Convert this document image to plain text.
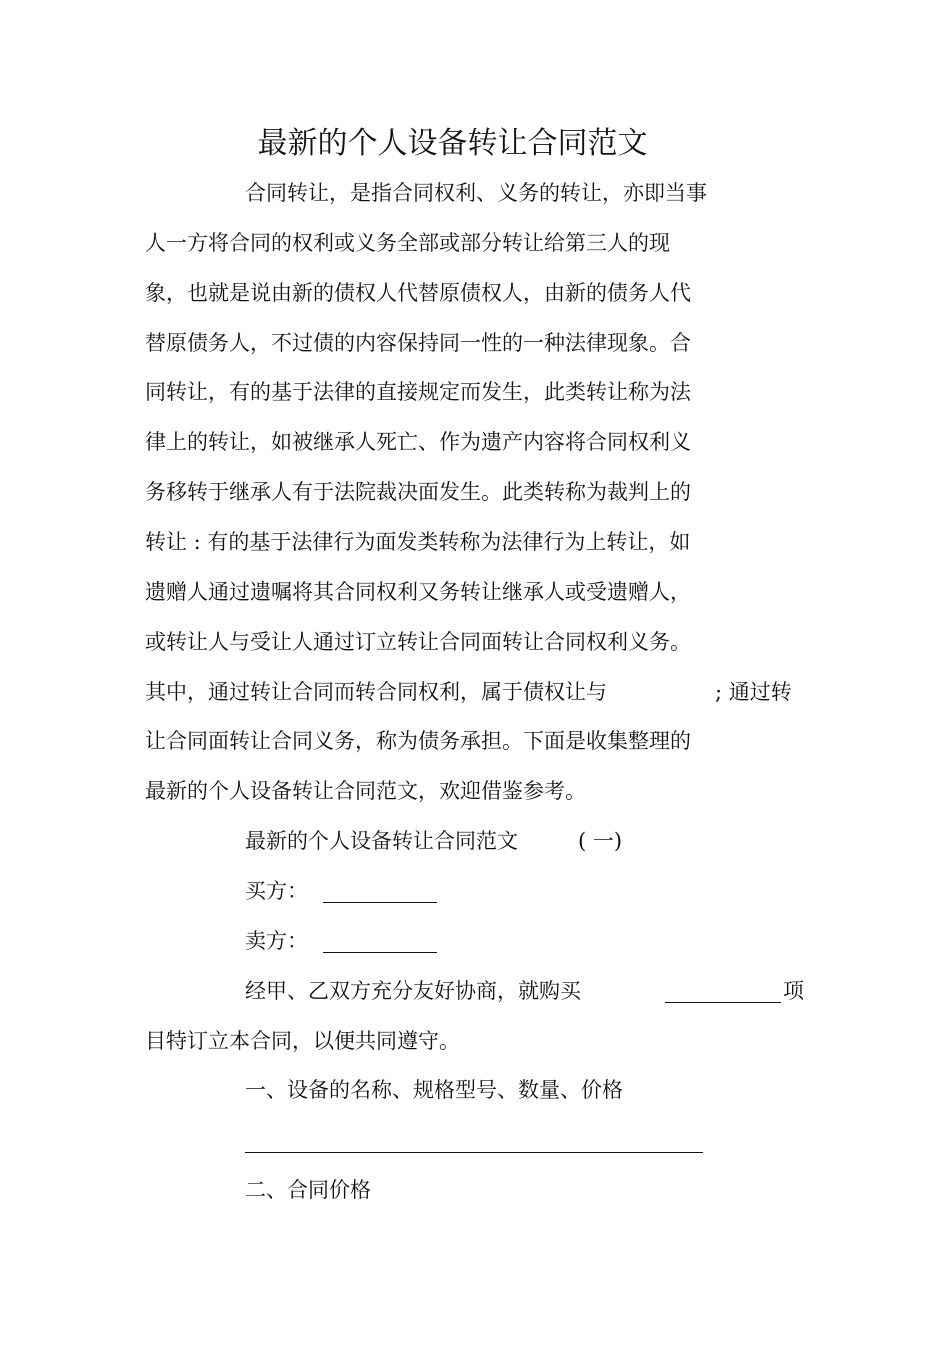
最新的个人设备转让合同范文
合同转让，是指合同权利、义务的转让，亦即当事
人一方将合同的权利或义务全部或部分转让给第三人的现
象，也就是说由新的债权人代替原债权人，由新的债务人代
替原债务人，不过债的内容保持同一性的一种法律现象。合
同转让，有的基于法律的直接规定而发生，此类转让称为法
律上的转让，如被继承人死亡、作为遗产内容将合同权利义
务移转于继承人有于法院裁决面发生。此类转称为裁判上的
转让 : 有的基于法律行为面发类转称为法律行为上转让，如
遗赠人通过遗嘱将其合同权利又务转让继承人或受遗赠人，
或转让人与受让人通过订立转让合同面转让合同权利义务。
其中，通过转让合同而转合同权利，属于债权让与	; 通过转
让合同面转让合同义务，称为债务承担。下面是收集整理的
最新的个人设备转让合同范文，欢迎借鉴参考。
最新的个人设备转让合同范文	( 一)
买方：
卖方：
经甲、乙双方充分友好协商，就购买	项
目特订立本合同，以便共同遵守。
一、设备的名称、规格型号、数量、价格
二、合同价格
